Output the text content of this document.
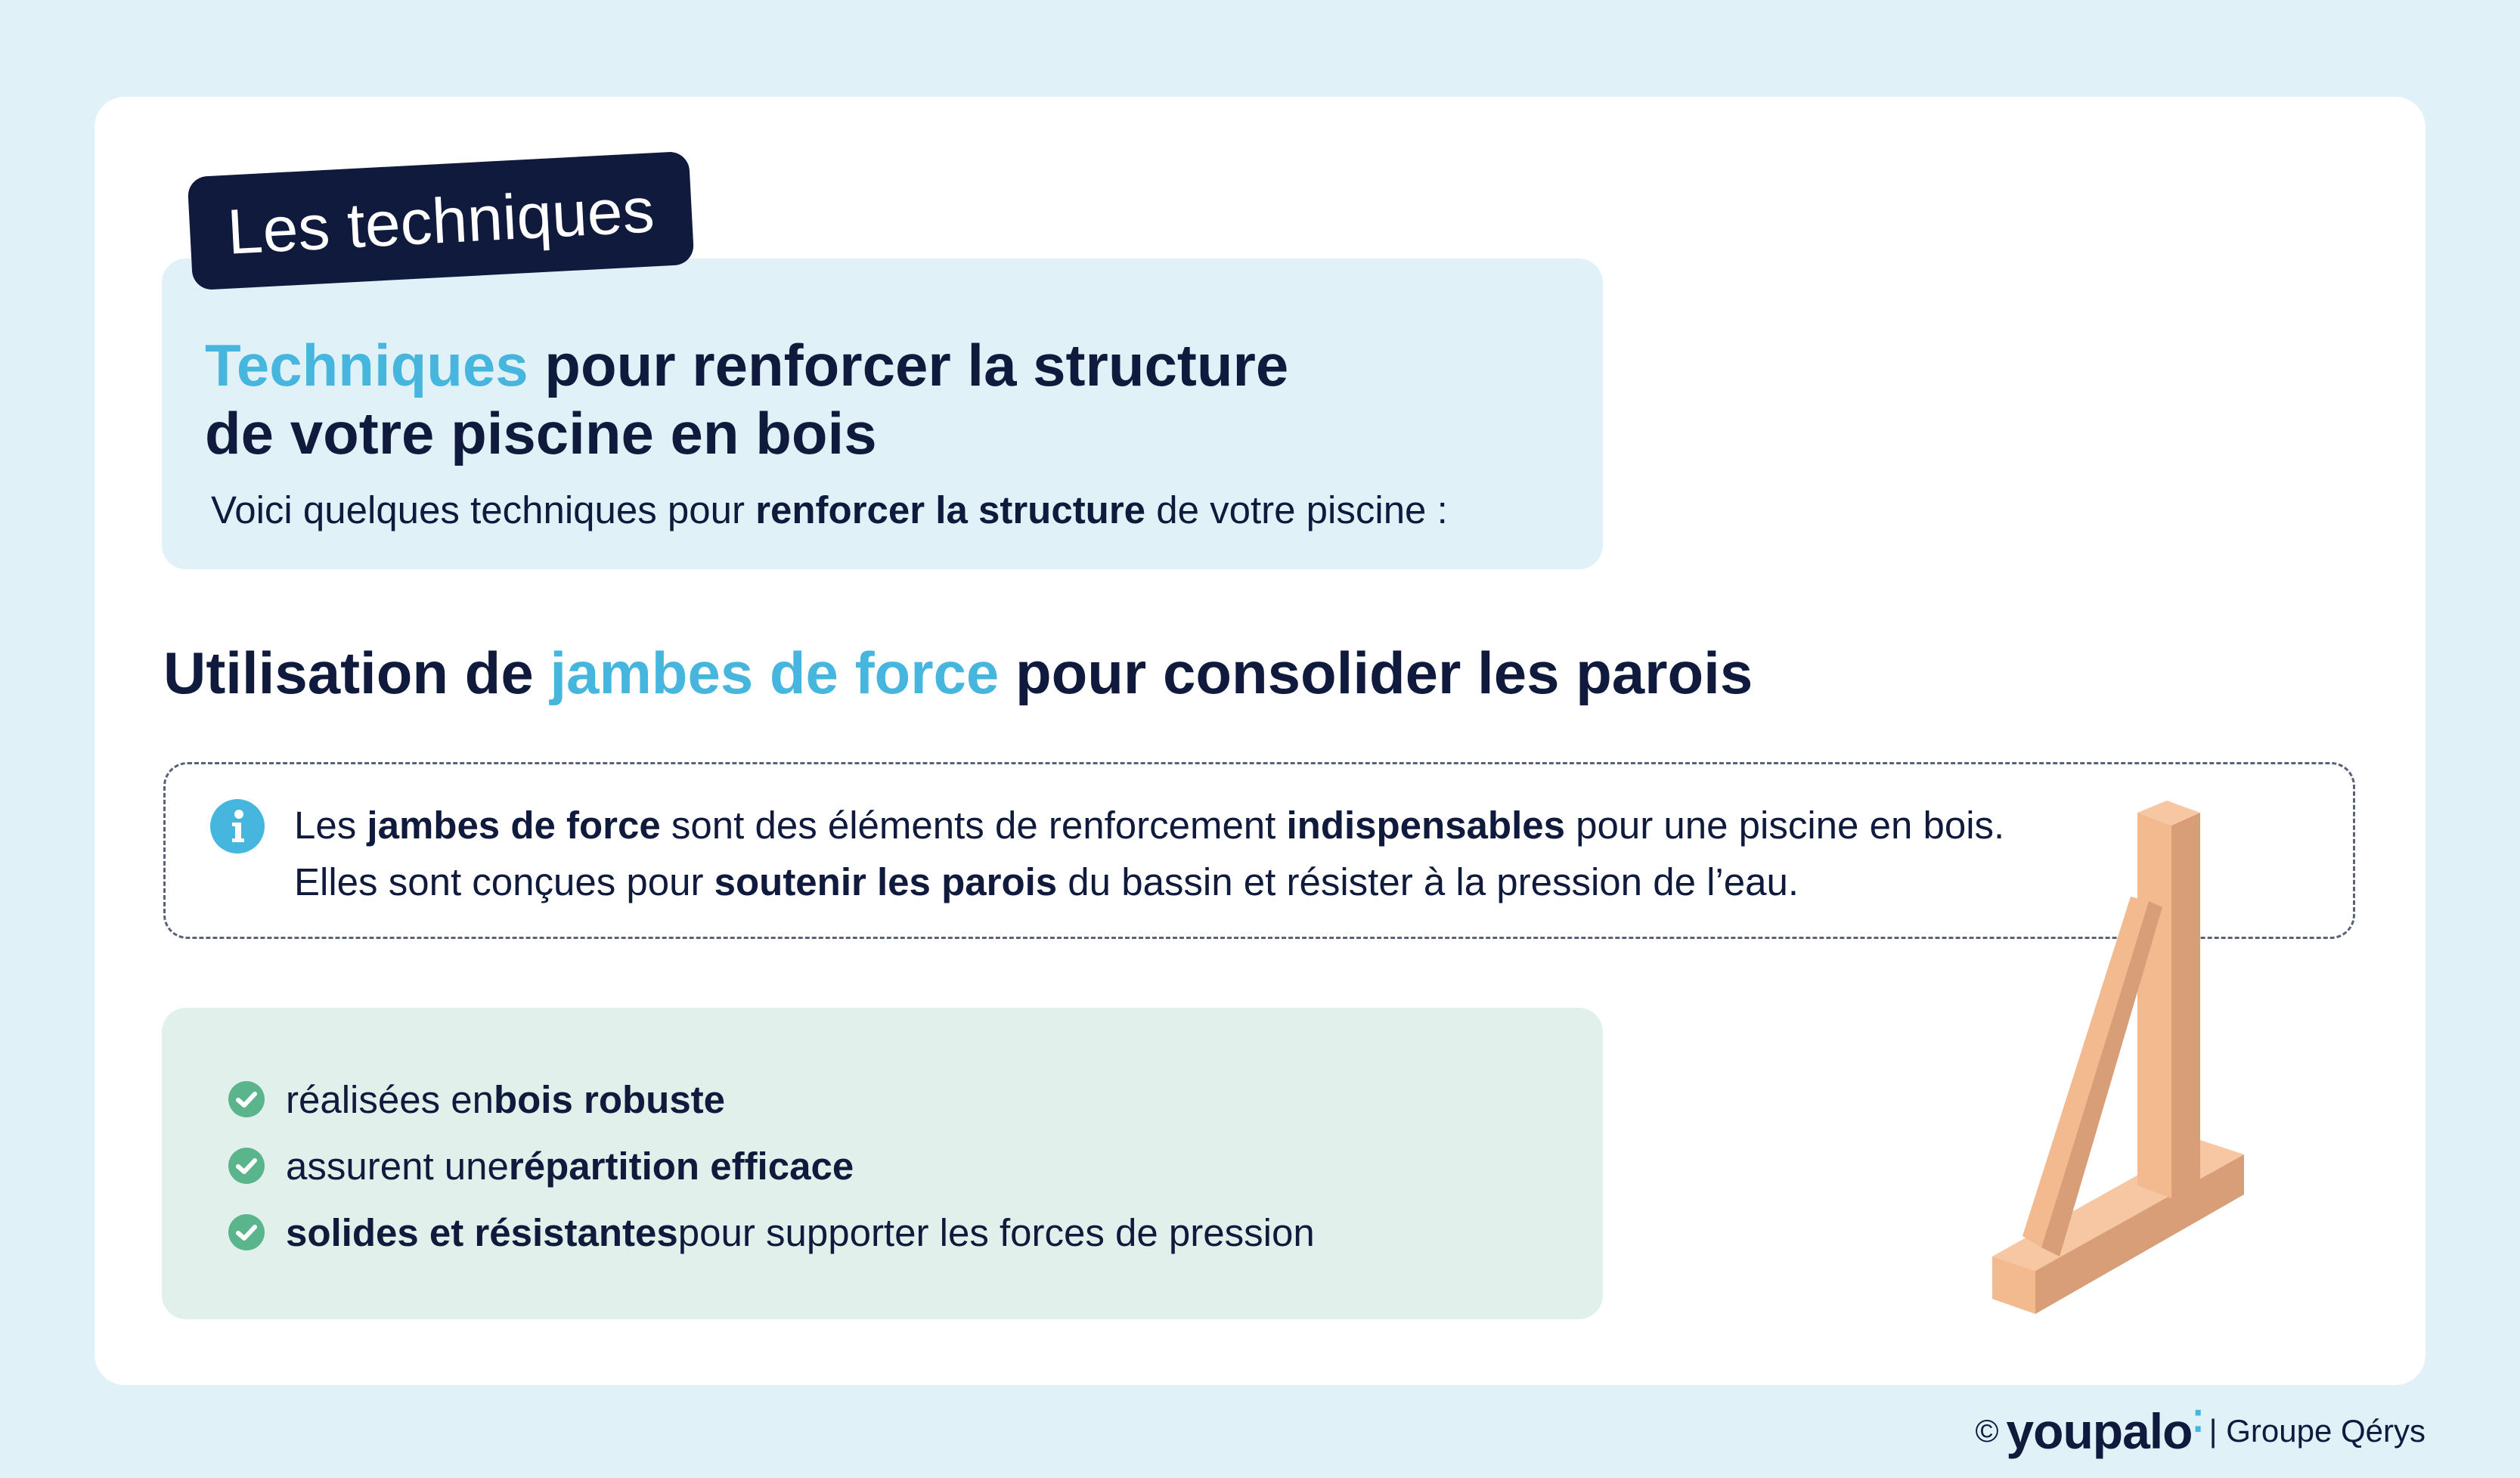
Les techniques
Techniques pour renforcer la structure
de votre piscine en bois
Voici quelques techniques pour renforcer la structure de votre piscine :
Utilisation de jambes de force pour consolider les parois
Les jambes de force sont des éléments de renforcement indispensables pour une piscine en bois.
Elles sont conçues pour soutenir les parois du bassin et résister à la pression de l’eau.
réalisées en bois robuste
assurent une répartition efficace
solides et résistantes pour supporter les forces de pression
© youpalo⁚ | Groupe Qérys
